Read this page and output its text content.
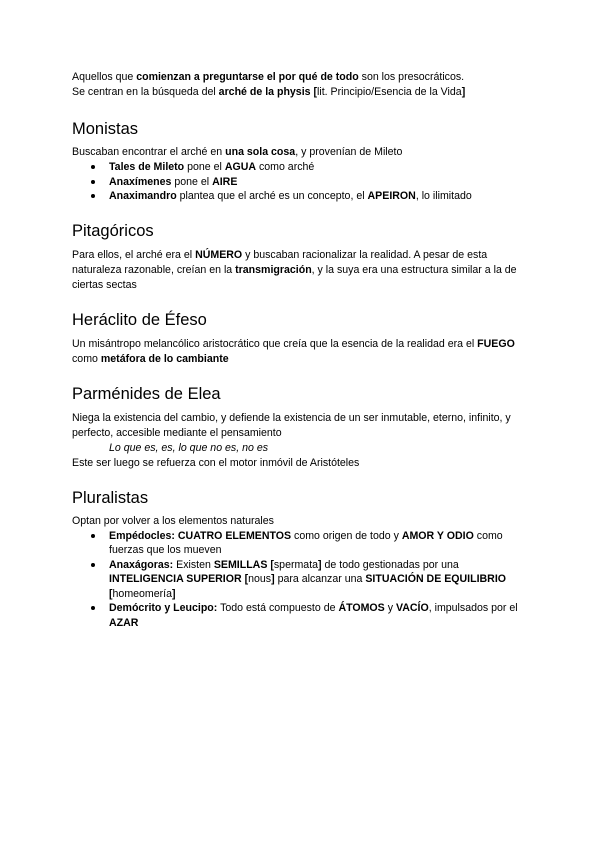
Aquellos que comienzan a preguntarse el por qué de todo son los presocráticos.

Se centran en la búsqueda del arché de la physis [lit. Principio/Esencia de la Vida]

Monistas

Buscaban encontrar el arché en una sola cosa, y provenían de Mileto

Tales de Mileto pone el AGUA como arché
Anaxímenes pone el AIRE
Anaximandro plantea que el arché es un concepto, el APEIRON, lo ilimitado
Pitagóricos

Para ellos, el arché era el NÚMERO y buscaban racionalizar la realidad. A pesar de esta naturaleza razonable, creían en la transmigración, y la suya era una estructura similar a la de ciertas sectas

Heráclito de Éfeso

Un misántropo melancólico aristocrático que creía que la esencia de la realidad era el FUEGO como metáfora de lo cambiante

Parménides de Elea

Niega la existencia del cambio, y defiende la existencia de un ser inmutable, eterno, infinito, y perfecto, accesible mediante el pensamiento

Lo que es, es, lo que no es, no es

Este ser luego se refuerza con el motor inmóvil de Aristóteles

Pluralistas

Optan por volver a los elementos naturales

Empédocles: CUATRO ELEMENTOS como origen de todo y AMOR Y ODIO como fuerzas que los mueven
Anaxágoras: Existen SEMILLAS [spermata] de todo gestionadas por una INTELIGENCIA SUPERIOR [nous] para alcanzar una SITUACIÓN DE EQUILIBRIO [homeomería]
Demócrito y Leucipo: Todo está compuesto de ÁTOMOS y VACÍO, impulsados por el AZAR
